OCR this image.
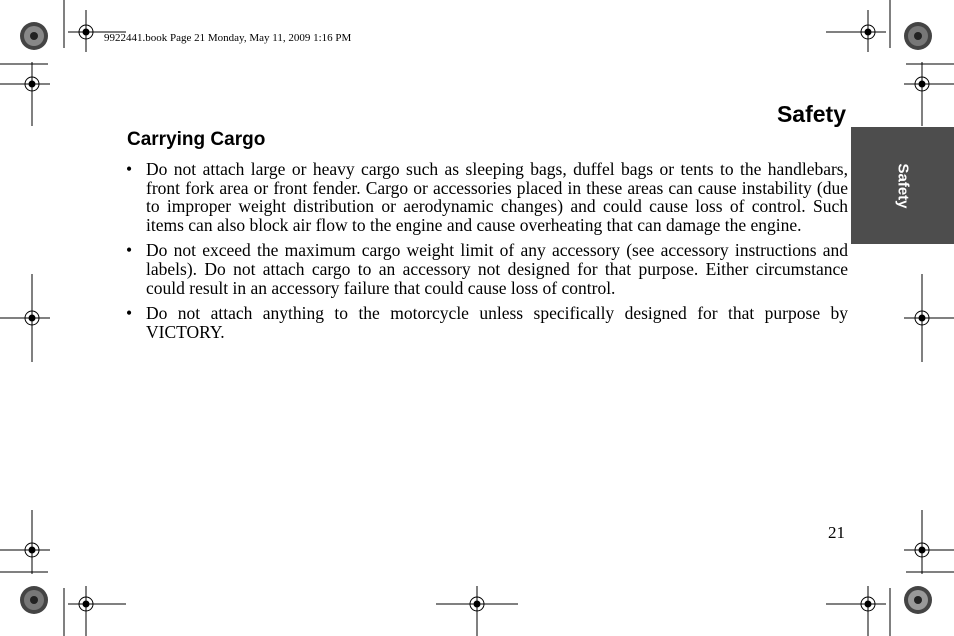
9922441.book Page 21 Monday, May 11, 2009 1:16 PM
Safety
Safety
Carrying Cargo
• Do not attach large or heavy cargo such as sleeping bags, duffel bags or tents to the handlebars, front fork area or front fender. Cargo or accessories placed in these areas can cause instability (due to improper weight distribution or aerodynamic changes) and could cause loss of control. Such items can also block air flow to the engine and cause overheating that can damage the engine.
• Do not exceed the maximum cargo weight limit of any accessory (see accessory instructions and labels). Do not attach cargo to an accessory not designed for that purpose. Either circumstance could result in an accessory failure that could cause loss of control.
• Do not attach anything to the motorcycle unless specifically designed for that purpose by VICTORY.
21
